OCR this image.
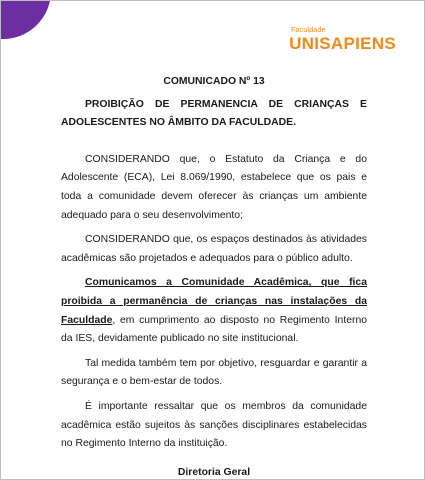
Faculdade
UNISAPIENS
COMUNICADO Nº 13
PROIBIÇÃO DE PERMANENCIA DE CRIANÇAS E
ADOLESCENTES NO ÂMBITO DA FACULDADE.

CONSIDERANDO que, o Estatuto da Criança e do Adolescente (ECA), Lei 8.069/1990, estabelece que os pais e toda a comunidade devem oferecer às crianças um ambiente adequado para o seu desenvolvimento;

CONSIDERANDO que, os espaços destinados às atividades acadêmicas são projetados e adequados para o público adulto.

Comunicamos a Comunidade Acadêmica, que fica proibida a permanência de crianças nas instalações da Faculdade, em cumprimento ao disposto no Regimento Interno da IES, devidamente publicado no site institucional.

Tal medida também tem por objetivo, resguardar e garantir a segurança e o bem-estar de todos.

É importante ressaltar que os membros da comunidade acadêmica estão sujeitos às sanções disciplinares estabelecidas no Regimento Interno da instituição.

Diretoria Geral
